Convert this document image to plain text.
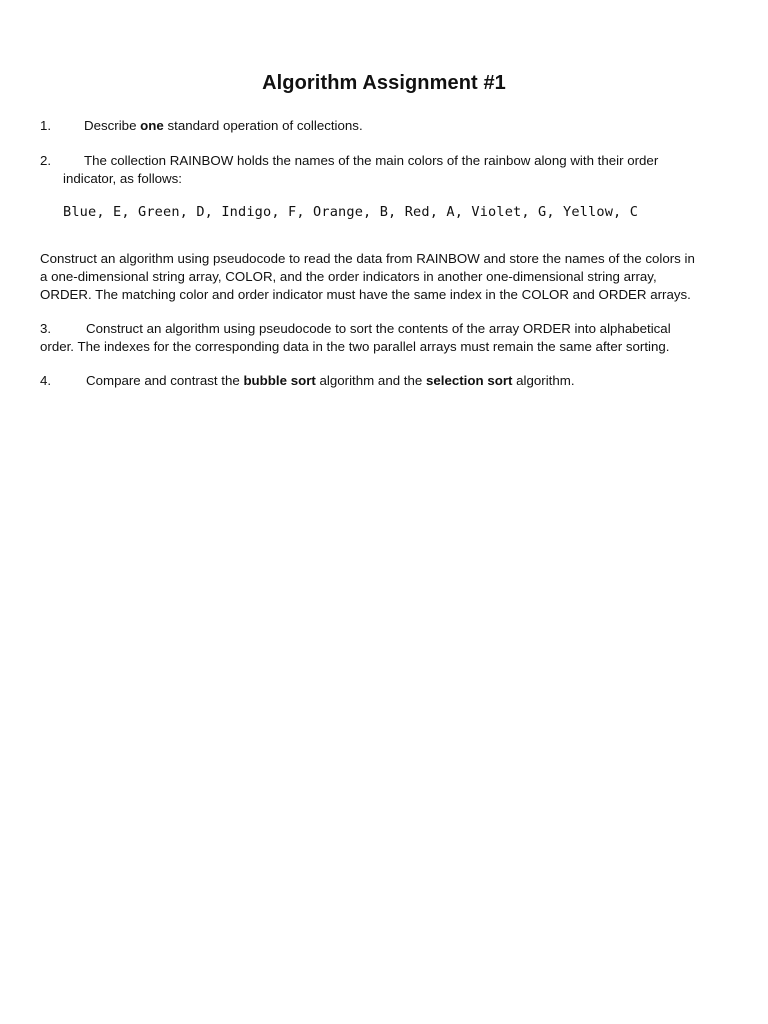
Algorithm Assignment #1
1. Describe one standard operation of collections.
2. The collection RAINBOW holds the names of the main colors of the rainbow along with their order
indicator, as follows:
Blue, E, Green, D, Indigo, F, Orange, B, Red, A, Violet, G, Yellow, C
Construct an algorithm using pseudocode to read the data from RAINBOW and store the names of the colors in
a one-dimensional string array, COLOR, and the order indicators in another one-dimensional string array,
ORDER. The matching color and order indicator must have the same index in the COLOR and ORDER arrays.
3.	Construct an algorithm using pseudocode to sort the contents of the array ORDER into alphabetical
order. The indexes for the corresponding data in the two parallel arrays must remain the same after sorting.
4.	Compare and contrast the bubble sort algorithm and the selection sort algorithm.
